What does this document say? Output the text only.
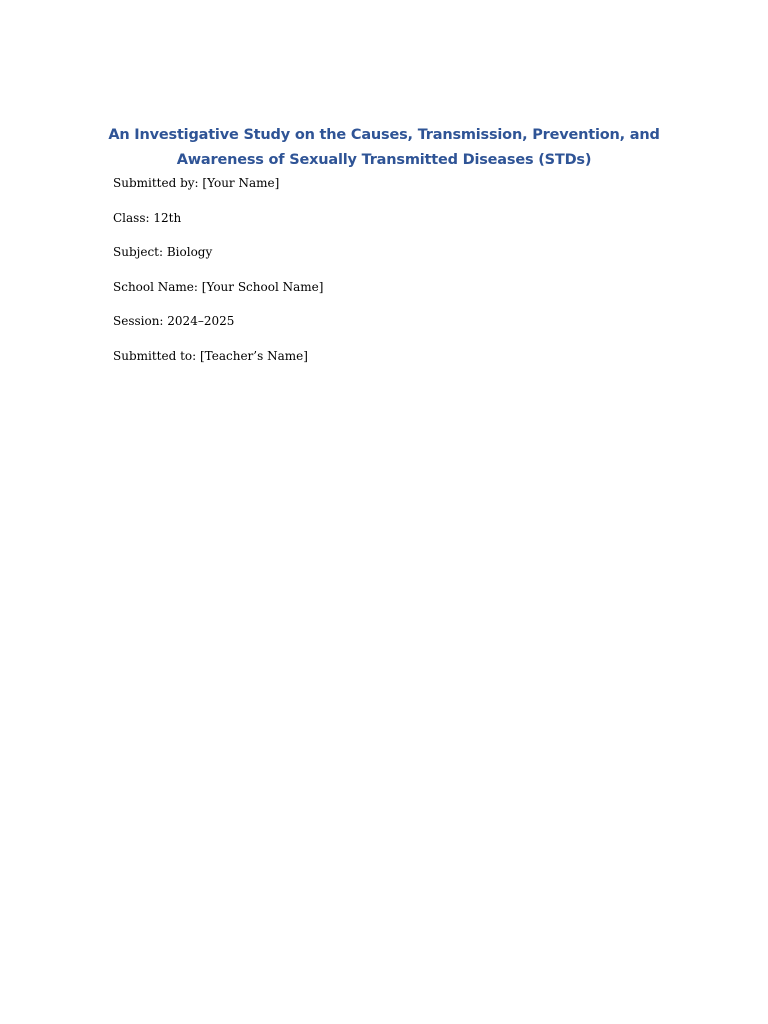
An Investigative Study on the Causes, Transmission, Prevention, and
Awareness of Sexually Transmitted Diseases (STDs)
Submitted by: [Your Name]
Class: 12th
Subject: Biology
School Name: [Your School Name]
Session: 2024–2025
Submitted to: [Teacher’s Name]
